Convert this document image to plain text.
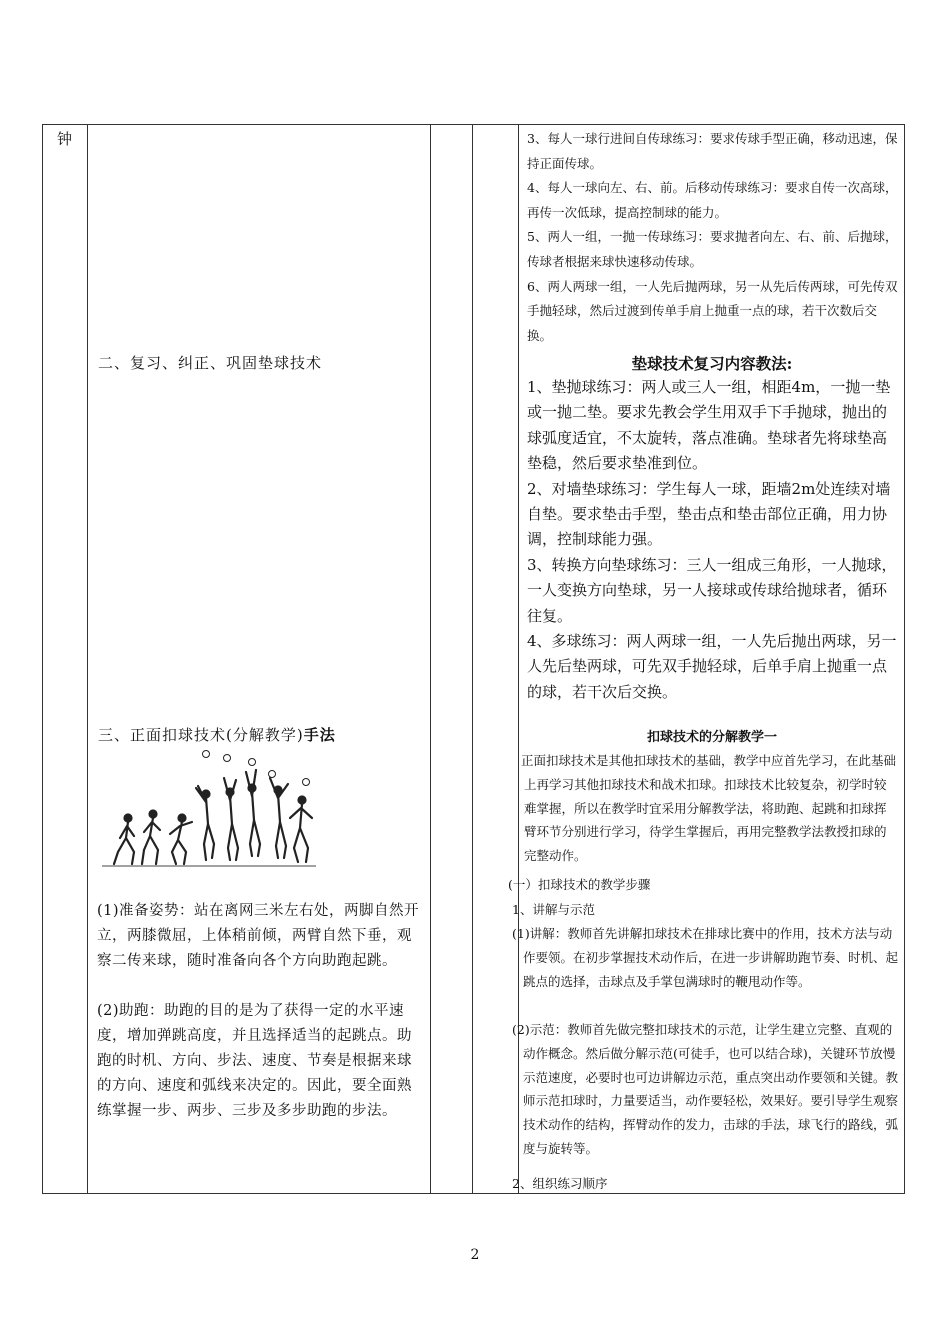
钟
二、复习、纠正、巩固垫球技术
三、正面扣球技术(分解教学)手法
(1)准备姿势：站在离网三米左右处，两脚自然开立，两膝微屈，上体稍前倾，两臂自然下垂，观察二传来球，随时准备向各个方向助跑起跳。
(2)助跑：助跑的目的是为了获得一定的水平速度，增加弹跳高度，并且选择适当的起跳点。助跑的时机、方向、步法、速度、节奏是根据来球的方向、速度和弧线来决定的。因此，要全面熟练掌握一步、两步、三步及多步助跑的步法。

3、每人一球行进间自传球练习：要求传球手型正确，移动迅速，保持正面传球。

4、每人一球向左、右、前。后移动传球练习：要求自传一次高球，再传一次低球，提高控制球的能力。

5、两人一组，一抛一传球练习：要求抛者向左、右、前、后抛球，传球者根据来球快速移动传球。

6、两人两球一组，一人先后抛两球，另一从先后传两球，可先传双手抛轻球，然后过渡到传单手肩上抛重一点的球，若干次数后交换。

垫球技术复习内容教法:

1、垫抛球练习：两人或三人一组，相距4m，一抛一垫或一抛二垫。要求先教会学生用双手下手抛球，抛出的球弧度适宜，不太旋转，落点准确。垫球者先将球垫高垫稳，然后要求垫准到位。

2、对墙垫球练习：学生每人一球，距墙2m处连续对墙自垫。要求垫击手型，垫击点和垫击部位正确，用力协调，控制球能力强。

3、转换方向垫球练习：三人一组成三角形，一人抛球，一人变换方向垫球，另一人接球或传球给抛球者，循环往复。

4、多球练习：两人两球一组，一人先后抛出两球，另一人先后垫两球，可先双手抛轻球，后单手肩上抛重一点的球，若干次后交换。

扣球技术的分解教学一

正面扣球技术是其他扣球技术的基础，教学中应首先学习，在此基础上再学习其他扣球技术和战术扣球。扣球技术比较复杂，初学时较难掌握，所以在教学时宜采用分解教学法，将助跑、起跳和扣球挥臂环节分别进行学习，待学生掌握后，再用完整教学法教授扣球的完整动作。

(一）扣球技术的教学步骤
1、讲解与示范

(1)讲解：教师首先讲解扣球技术在排球比赛中的作用，技术方法与动作要领。在初步掌握技术动作后，在进一步讲解助跑节奏、时机、起跳点的选择，击球点及手掌包满球时的鞭甩动作等。

(2)示范：教师首先做完整扣球技术的示范，让学生建立完整、直观的动作概念。然后做分解示范(可徒手，也可以结合球)，关键环节放慢示范速度，必要时也可边讲解边示范，重点突出动作要领和关键。教师示范扣球时，力量要适当，动作要轻松，效果好。要引导学生观察技术动作的结构，挥臂动作的发力，击球的手法，球飞行的路线，弧度与旋转等。

2、组织练习顺序
2
